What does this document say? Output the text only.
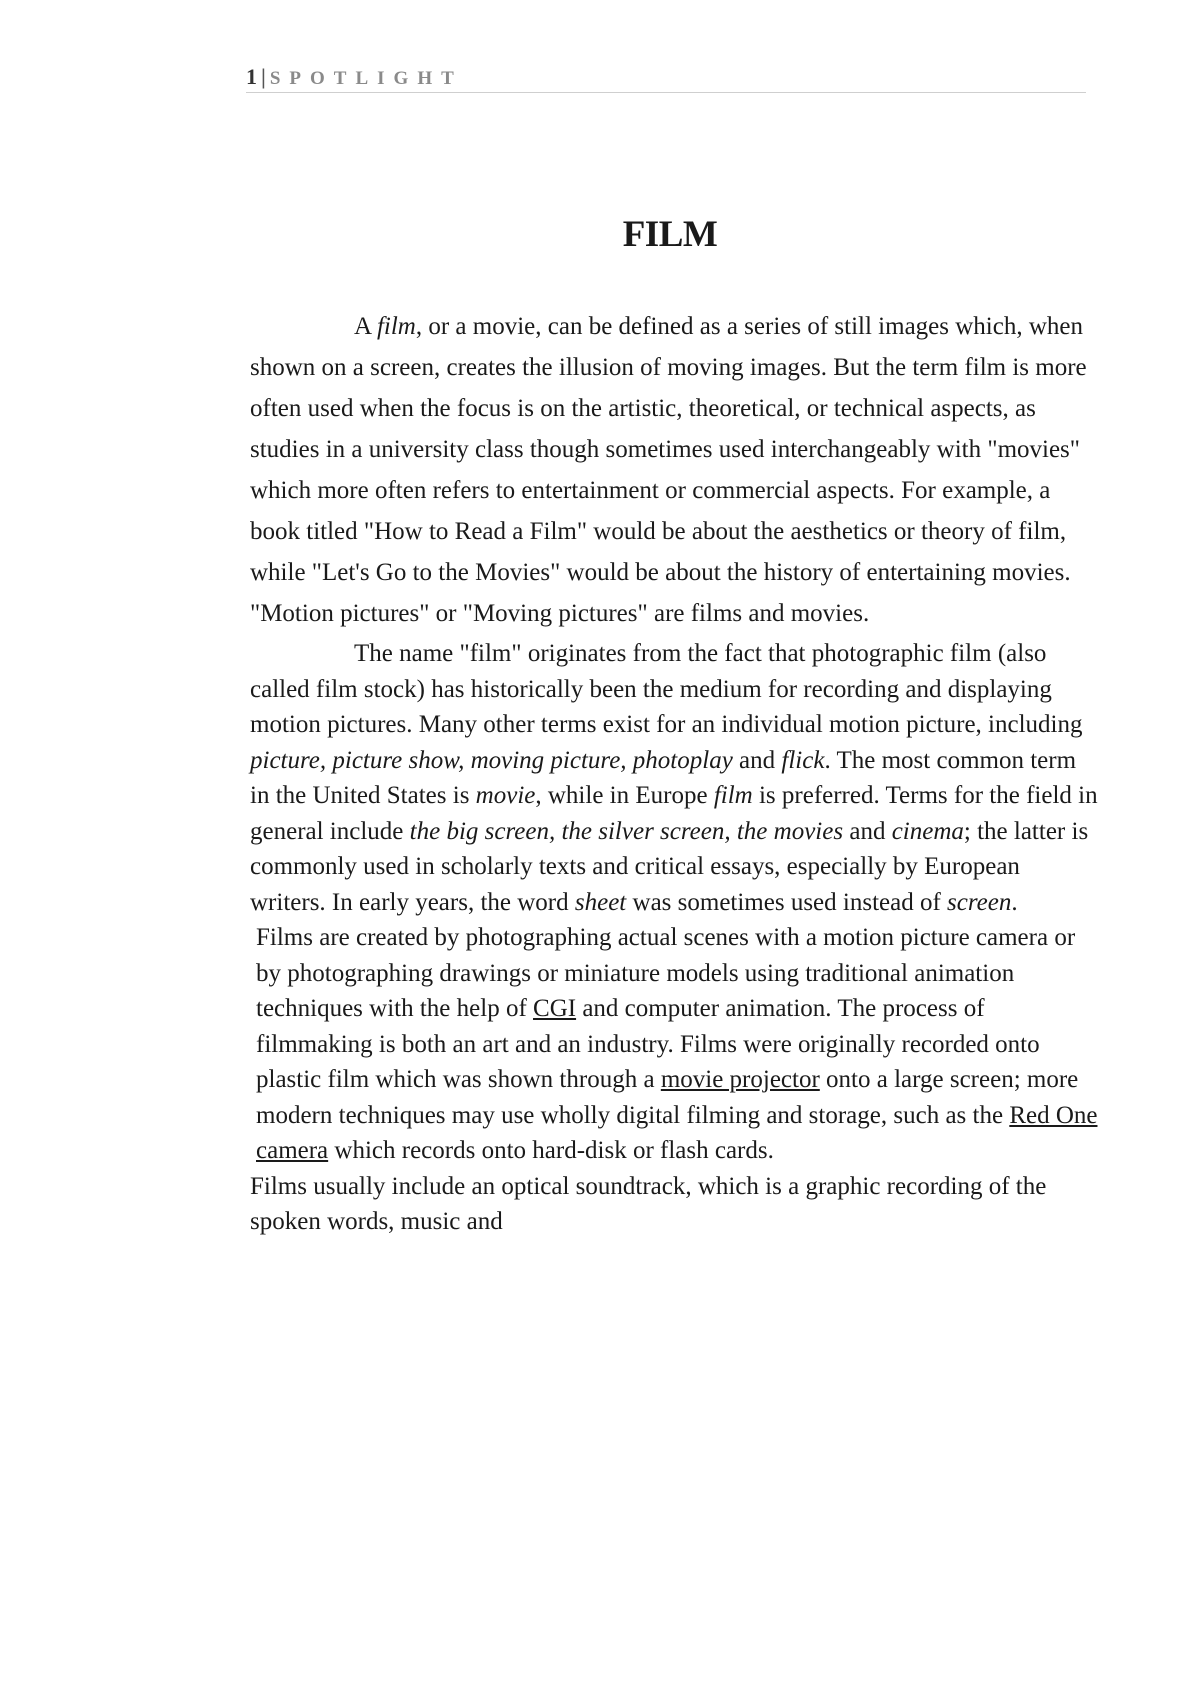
1 | SPOTLIGHT
FILM

A film, or a movie, can be defined as a series of still images which, when shown on a screen, creates the illusion of moving images. But the term film is more often used when the focus is on the artistic, theoretical, or technical aspects, as studies in a university class though sometimes used interchangeably with "movies" which more often refers to entertainment or commercial aspects. For example, a book titled "How to Read a Film" would be about the aesthetics or theory of film, while "Let's Go to the Movies" would be about the history of entertaining movies. "Motion pictures" or "Moving pictures" are films and movies.

The name "film" originates from the fact that photographic film (also called film stock) has historically been the medium for recording and displaying motion pictures. Many other terms exist for an individual motion picture, including picture, picture show, moving picture, photoplay and flick. The most common term in the United States is movie, while in Europe film is preferred. Terms for the field in general include the big screen, the silver screen, the movies and cinema; the latter is commonly used in scholarly texts and critical essays, especially by European writers. In early years, the word sheet was sometimes used instead of screen.

Films are created by photographing actual scenes with a motion picture camera or by photographing drawings or miniature models using traditional animation techniques with the help of CGI and computer animation. The process of filmmaking is both an art and an industry. Films were originally recorded onto plastic film which was shown through a movie projector onto a large screen; more modern techniques may use wholly digital filming and storage, such as the Red One camera which records onto hard-disk or flash cards.

Films usually include an optical soundtrack, which is a graphic recording of the spoken words, music and
